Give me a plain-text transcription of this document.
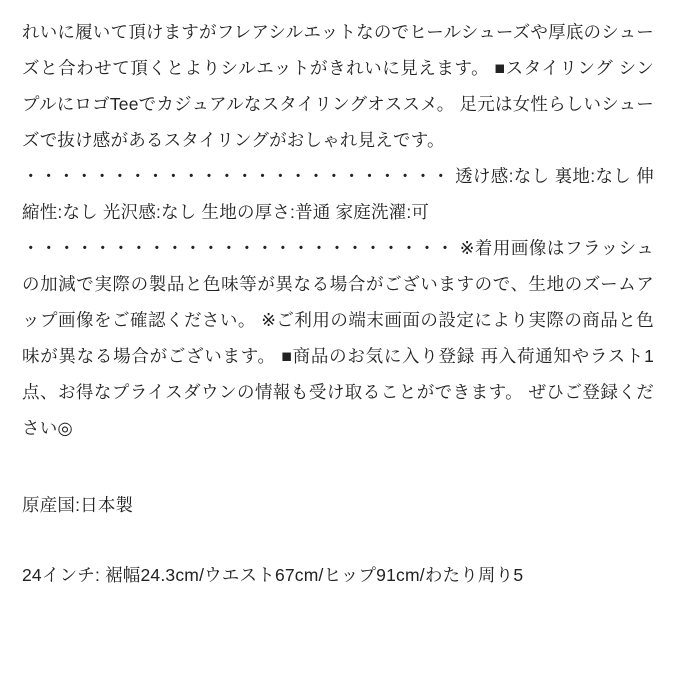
れいに履いて頂けますがフレアシルエットなのでヒールシューズや厚底のシューズと合わせて頂くとよりシルエットがきれいに見えます。 ■スタイリング シンプルにロゴTeeでカジュアルなスタイリングオススメ。 足元は女性らしいシューズで抜け感があるスタイリングがおしゃれ見えです。

・・・・・・・・・・・・・・・・・・・・・・・・ 透け感:なし 裏地:なし 伸縮性:なし 光沢感:なし 生地の厚さ:普通 家庭洗濯:可

・・・・・・・・・・・・・・・・・・・・・・・・ ※着用画像はフラッシュの加減で実際の製品と色味等が異なる場合がございますので、生地のズームアップ画像をご確認ください。 ※ご利用の端末画面の設定により実際の商品と色味が異なる場合がございます。 ■商品のお気に入り登録 再入荷通知やラスト1点、お得なプライスダウンの情報も受け取ることができます。 ぜひご登録ください◎

原産国:日本製

24インチ: 裾幅24.3cm/ウエスト67cm/ヒップ91cm/わたり周り5
